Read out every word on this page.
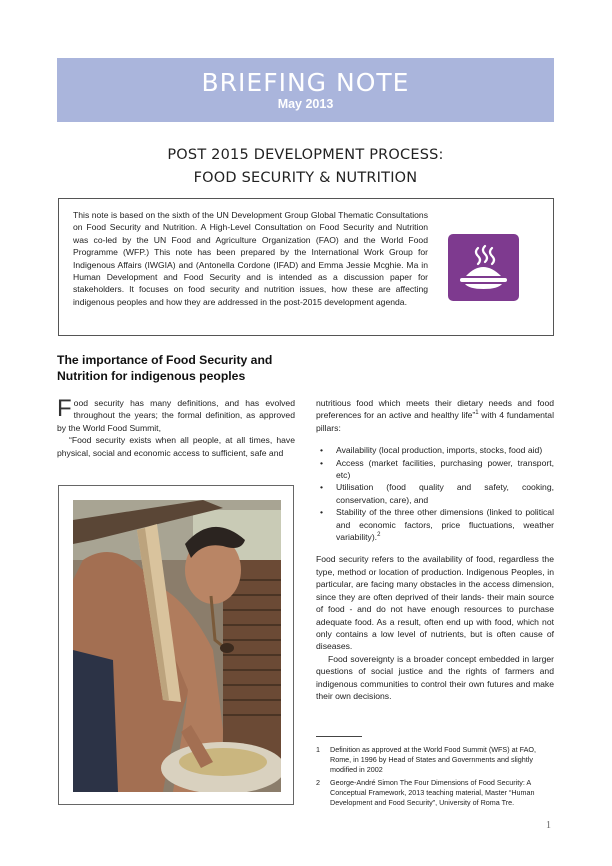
BRIEFING NOTE
May 2013
POST 2015 DEVELOPMENT PROCESS:
FOOD SECURITY & NUTRITION

This note is based on the sixth of the UN Development Group Global Thematic Consultations on Food Security and Nutrition. A High-Level Consultation on Food Security and Nutrition was co-led by the UN Food and Agriculture Organization (FAO) and the World Food Programme (WFP.) This note has been prepared by the International Work Group for Indigenous Affairs (IWGIA) and (Antonella Cordone (IFAD) and Emma Jessie Mcghie. Ma in Human Development and Food Security and is intended as a discussion paper for stakeholders. It focuses on food security and nutrition issues, how these are affecting indigenous peoples and how they are addressed in the post-2015 development agenda.

The importance of Food Security and Nutrition for indigenous peoples

Food security has many definitions, and has evolved throughout the years; the formal definition, as approved by the World Food Summit,

“Food security exists when all people, at all times, have physical, social and economic access to sufficient, safe and

nutritious food which meets their dietary needs and food preferences for an active and healthy life”$^1$ with 4 fundamental pillars:

• Availability (local production, imports, stocks, food aid)
• Access (market facilities, purchasing power, transport, etc)
• Utilisation (food quality and safety, cooking, conservation, care), and
• Stability of the three other dimensions (linked to political and economic factors, price fluctuations, weather variability).$^2$

Food security refers to the availability of food, regardless the type, method or location of production. Indigenous Peoples, in particular, are facing many obstacles in the access dimension, since they are often deprived of their lands- their main source of food - and do not have enough resources to purchase adequate food. As a result, often end up with food, which not only contains a low level of nutrients, but is often cause of diseases.

Food sovereignty is a broader concept embedded in larger questions of social justice and the rights of farmers and indigenous communities to control their own futures and make their own decisions.

1 Definition as approved at the World Food Summit (WFS) at FAO, Rome, in 1996 by Head of States and Governments and slightly modified in 2002
2 George-André Simon The Four Dimensions of Food Security: A Conceptual Framework, 2013 teaching material, Master “Human Development and Food Security”, University of Roma Tre.
1
